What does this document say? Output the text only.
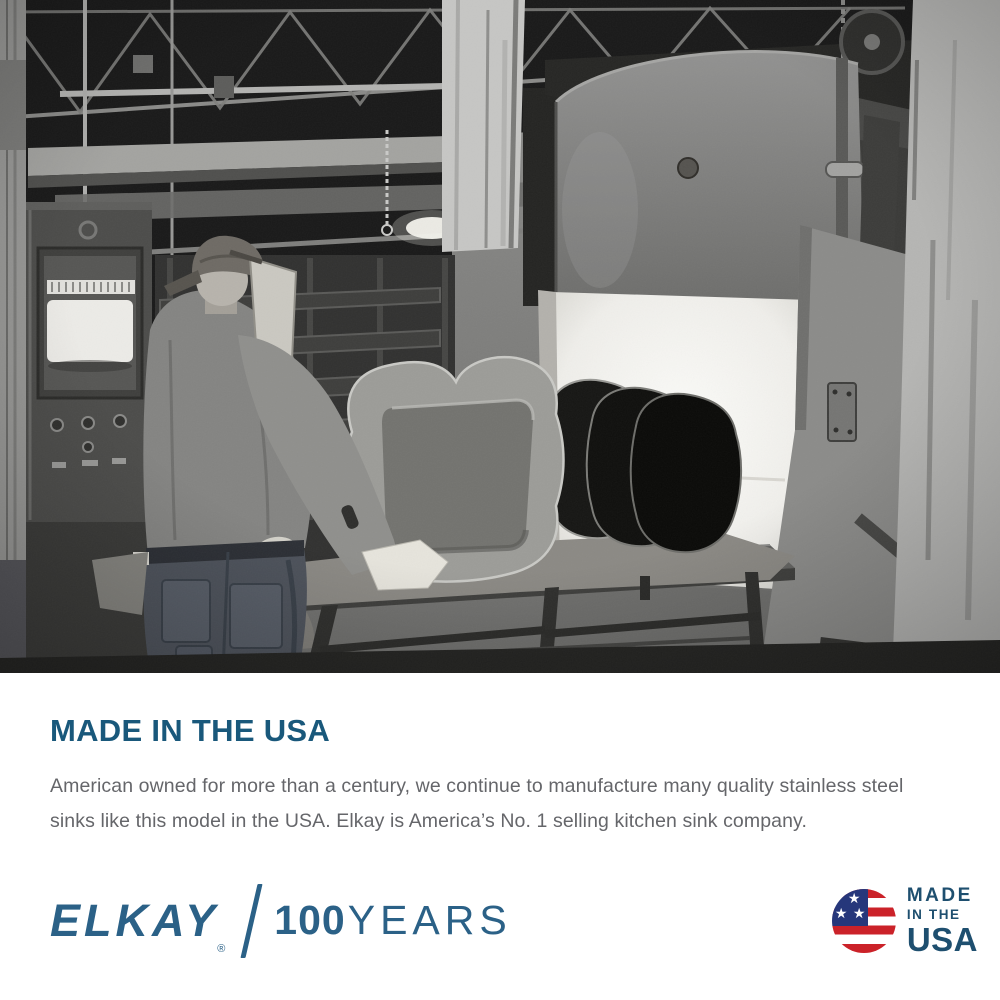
MADE IN THE USA

American owned for more than a century, we continue to manufacture many quality stainless steel sinks like this model in the USA. Elkay is America’s No. 1 selling kitchen sink company.

ELKAY
®
100 YEARS	★
★ ★
MADE
IN THE
USA
